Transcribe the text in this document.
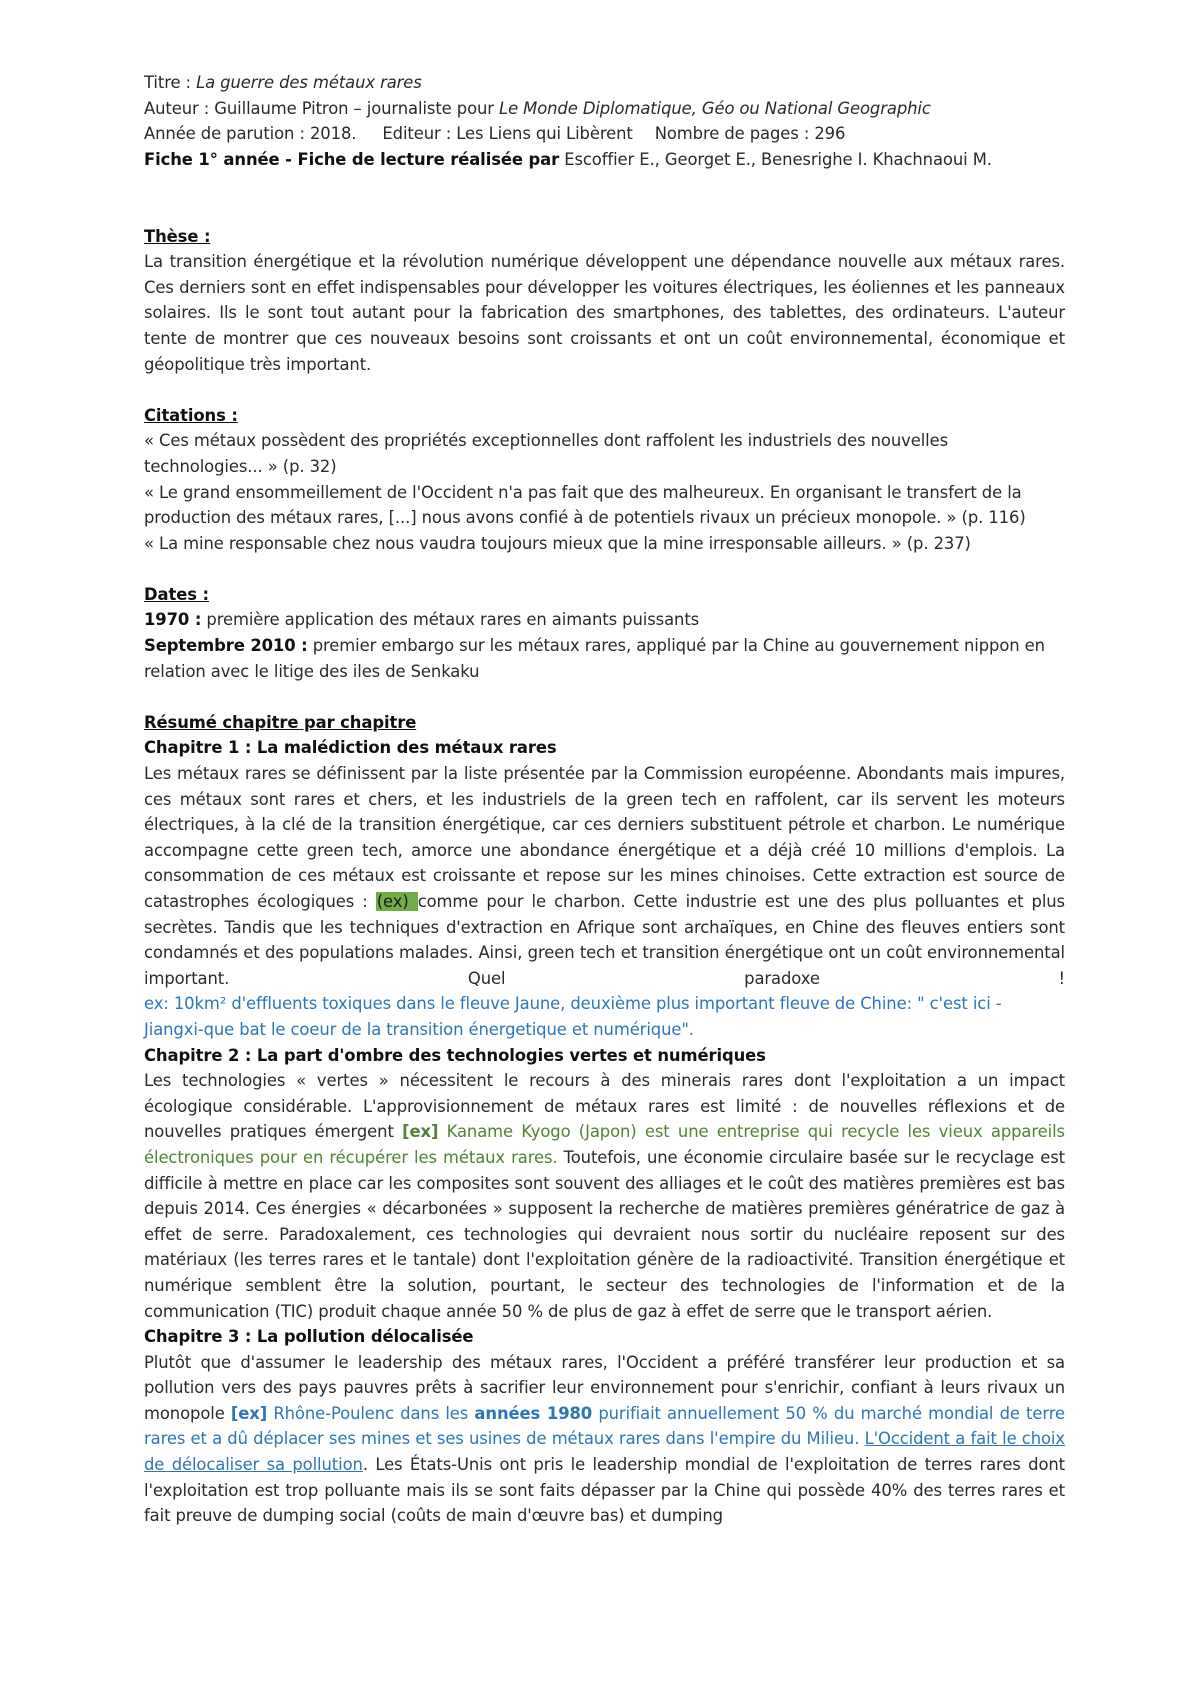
Titre : La guerre des métaux rares
Auteur : Guillaume Pitron – journaliste pour Le Monde Diplomatique, Géo ou National Geographic
Année de parution : 2018. Editeur : Les Liens qui Libèrent Nombre de pages : 296
Fiche 1° année - Fiche de lecture réalisée par Escoffier E., Georget E., Benesrighe I. Khachnaoui M.
Thèse :
La transition énergétique et la révolution numérique développent une dépendance nouvelle aux métaux rares. Ces derniers sont en effet indispensables pour développer les voitures électriques, les éoliennes et les panneaux solaires. Ils le sont tout autant pour la fabrication des smartphones, des tablettes, des ordinateurs. L'auteur tente de montrer que ces nouveaux besoins sont croissants et ont un coût environnemental, économique et géopolitique très important.
Citations :
« Ces métaux possèdent des propriétés exceptionnelles dont raffolent les industriels des nouvelles technologies... » (p. 32)
« Le grand ensommeillement de l'Occident n'a pas fait que des malheureux. En organisant le transfert de la production des métaux rares, [...] nous avons confié à de potentiels rivaux un précieux monopole. » (p. 116)
« La mine responsable chez nous vaudra toujours mieux que la mine irresponsable ailleurs. » (p. 237)
Dates :
1970 : première application des métaux rares en aimants puissants
Septembre 2010 : premier embargo sur les métaux rares, appliqué par la Chine au gouvernement nippon en relation avec le litige des iles de Senkaku
Résumé chapitre par chapitre
Chapitre 1 : La malédiction des métaux rares
Les métaux rares se définissent par la liste présentée par la Commission européenne. Abondants mais impures, ces métaux sont rares et chers, et les industriels de la green tech en raffolent, car ils servent les moteurs électriques, à la clé de la transition énergétique, car ces derniers substituent pétrole et charbon. Le numérique accompagne cette green tech, amorce une abondance énergétique et a déjà créé 10 millions d'emplois. La consommation de ces métaux est croissante et repose sur les mines chinoises. Cette extraction est source de catastrophes écologiques : (ex) comme pour le charbon. Cette industrie est une des plus polluantes et plus secrètes. Tandis que les techniques d'extraction en Afrique sont archaïques, en Chine des fleuves entiers sont condamnés et des populations malades. Ainsi, green tech et transition énergétique ont un coût environnemental important. Quel paradoxe !
ex: 10km² d'effluents toxiques dans le fleuve Jaune, deuxième plus important fleuve de Chine: " c'est ici - Jiangxi-que bat le coeur de la transition énergetique et numérique".
Chapitre 2 : La part d'ombre des technologies vertes et numériques
Les technologies « vertes » nécessitent le recours à des minerais rares dont l'exploitation a un impact écologique considérable. L'approvisionnement de métaux rares est limité : de nouvelles réflexions et de nouvelles pratiques émergent [ex] Kaname Kyogo (Japon) est une entreprise qui recycle les vieux appareils électroniques pour en récupérer les métaux rares. Toutefois, une économie circulaire basée sur le recyclage est difficile à mettre en place car les composites sont souvent des alliages et le coût des matières premières est bas depuis 2014. Ces énergies « décarbonées » supposent la recherche de matières premières génératrice de gaz à effet de serre. Paradoxalement, ces technologies qui devraient nous sortir du nucléaire reposent sur des matériaux (les terres rares et le tantale) dont l'exploitation génère de la radioactivité. Transition énergétique et numérique semblent être la solution, pourtant, le secteur des technologies de l'information et de la communication (TIC) produit chaque année 50 % de plus de gaz à effet de serre que le transport aérien.
Chapitre 3 : La pollution délocalisée
Plutôt que d'assumer le leadership des métaux rares, l'Occident a préféré transférer leur production et sa pollution vers des pays pauvres prêts à sacrifier leur environnement pour s'enrichir, confiant à leurs rivaux un monopole [ex] Rhône-Poulenc dans les années 1980 purifiait annuellement 50 % du marché mondial de terre rares et a dû déplacer ses mines et ses usines de métaux rares dans l'empire du Milieu. L'Occident a fait le choix de délocaliser sa pollution. Les États-Unis ont pris le leadership mondial de l'exploitation de terres rares dont l'exploitation est trop polluante mais ils se sont faits dépasser par la Chine qui possède 40% des terres rares et fait preuve de dumping social (coûts de main d'œuvre bas) et dumping
